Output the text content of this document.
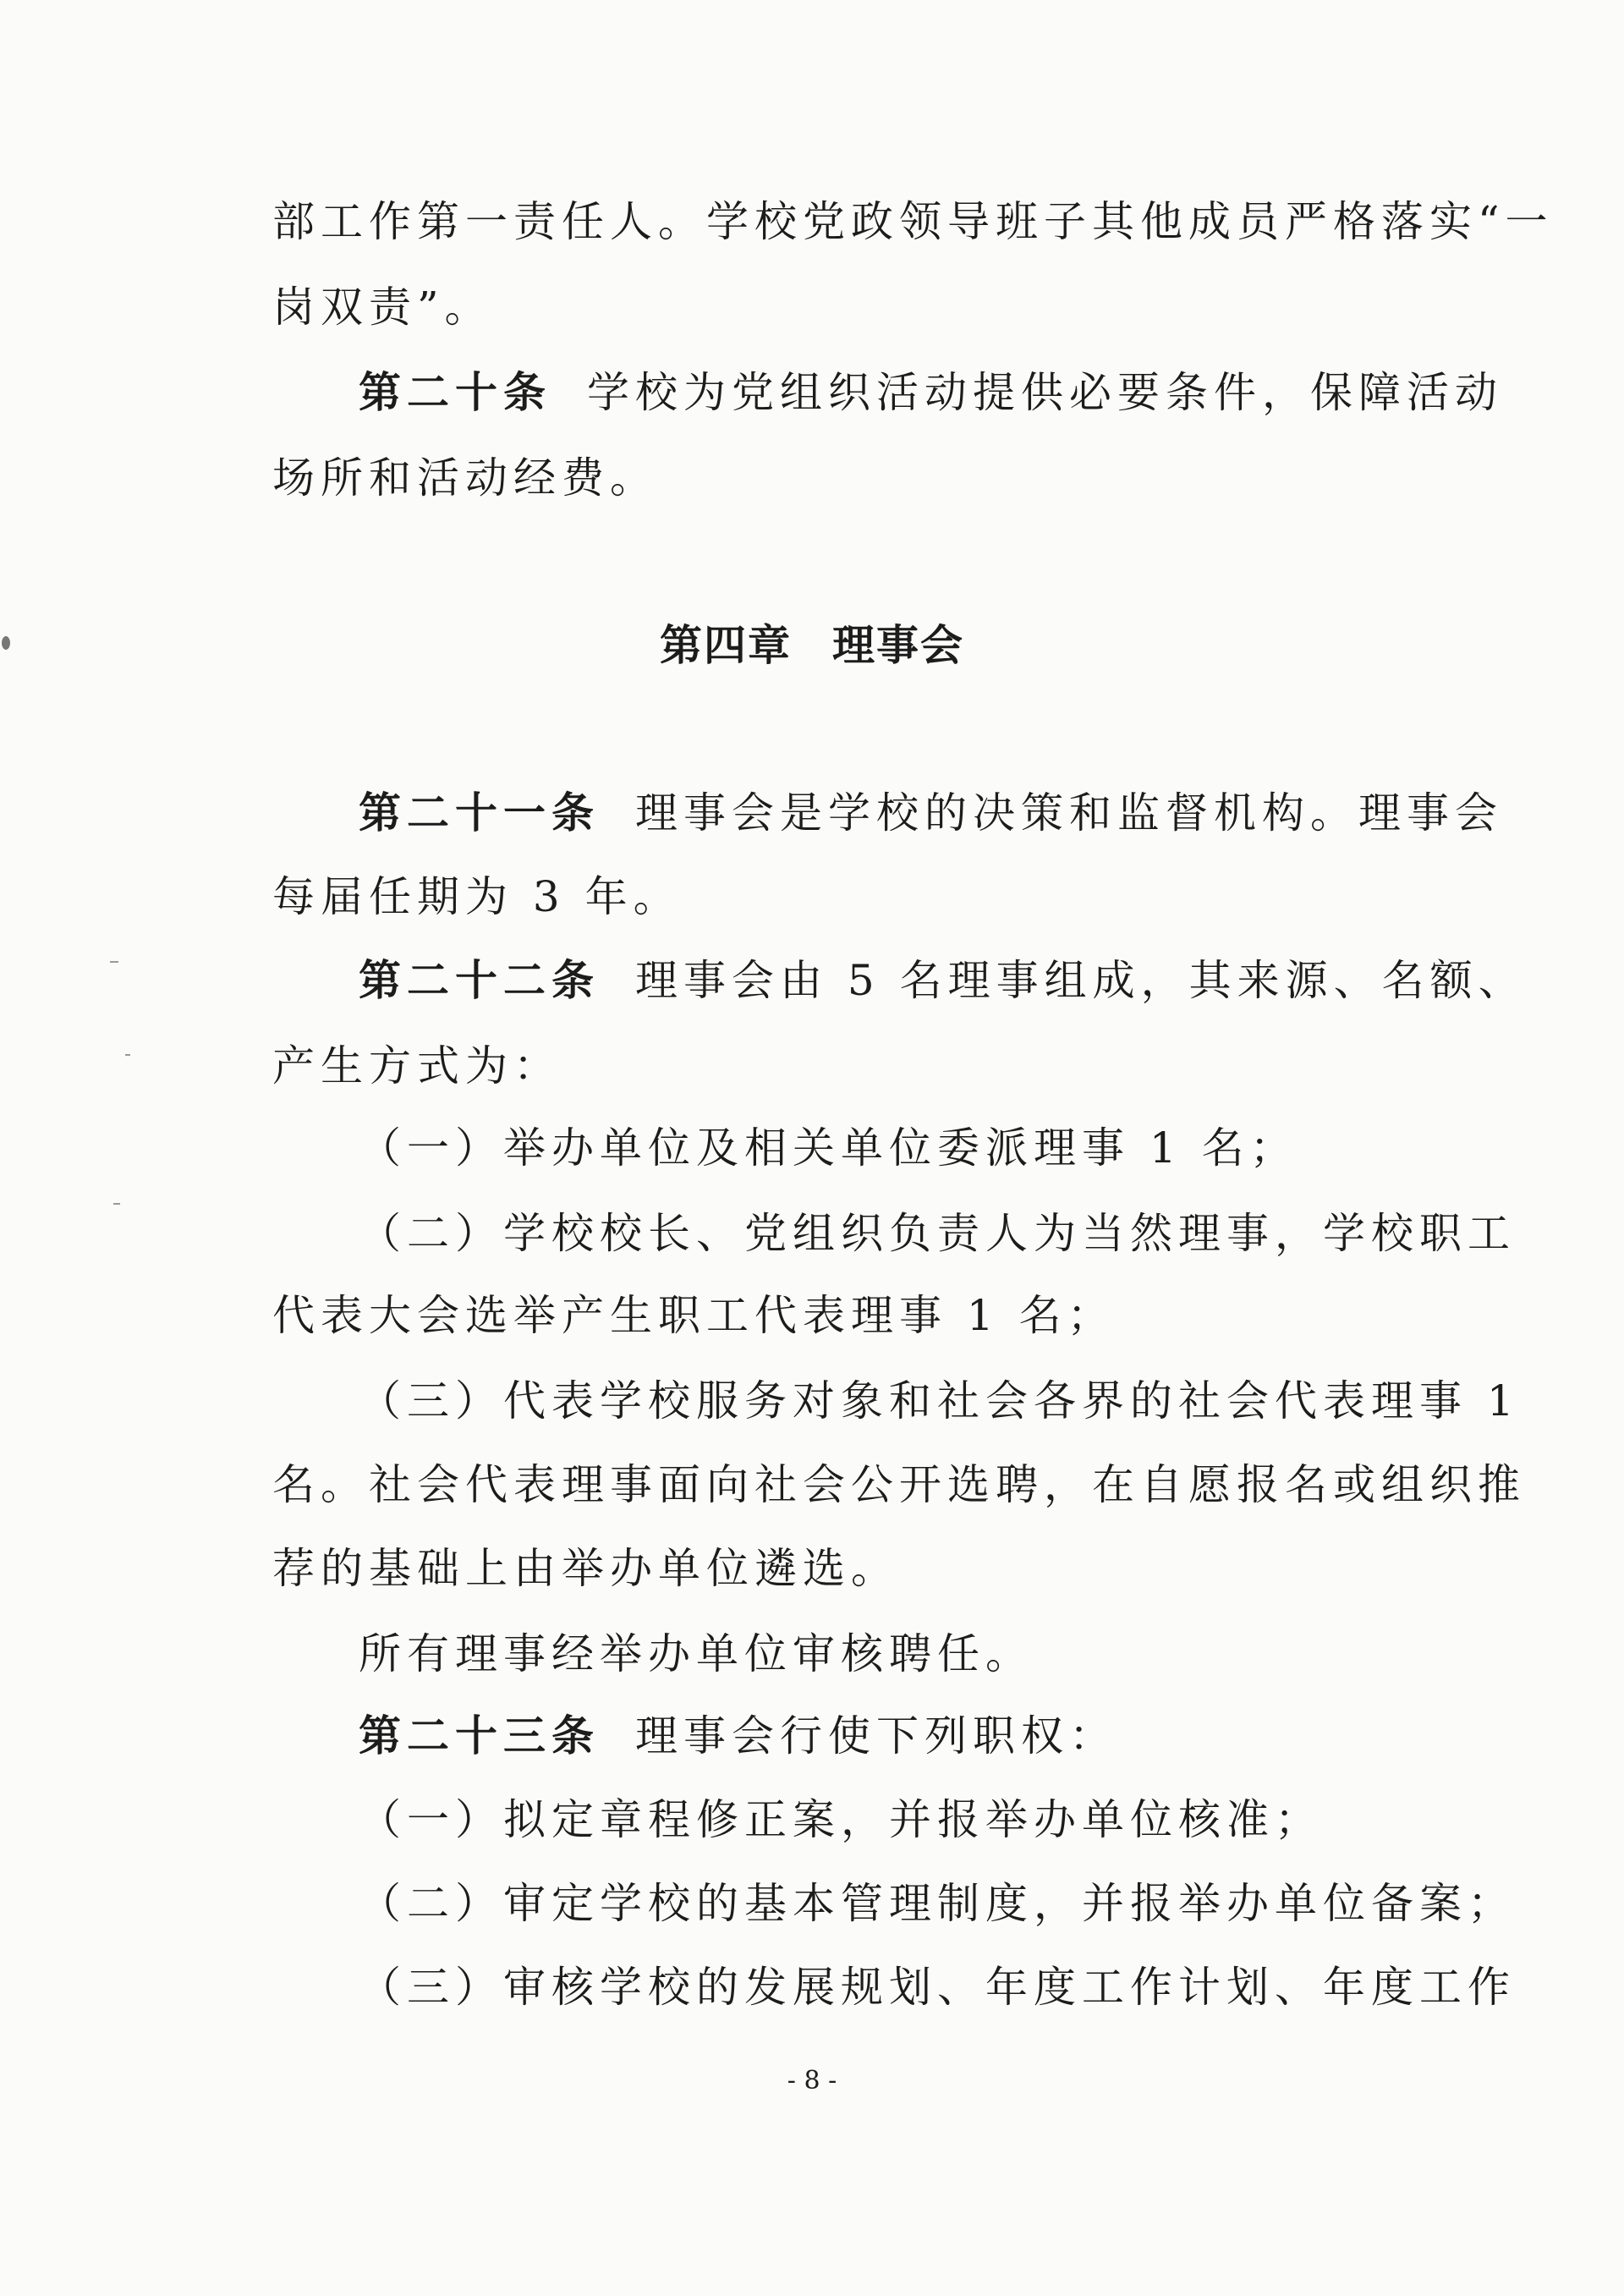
部工作第一责任人。学校党政领导班子其他成员严格落实“一
岗双责”。
第二十条 学校为党组织活动提供必要条件，保障活动
场所和活动经费。
第四章 理事会
第二十一条 理事会是学校的决策和监督机构。理事会
每届任期为 3 年。
第二十二条 理事会由 5 名理事组成，其来源、名额、
产生方式为：
（一）举办单位及相关单位委派理事 1 名；
（二）学校校长、党组织负责人为当然理事，学校职工
代表大会选举产生职工代表理事 1 名；
（三）代表学校服务对象和社会各界的社会代表理事 1
名。社会代表理事面向社会公开选聘，在自愿报名或组织推
荐的基础上由举办单位遴选。
所有理事经举办单位审核聘任。
第二十三条 理事会行使下列职权：
（一）拟定章程修正案，并报举办单位核准；
（二）审定学校的基本管理制度，并报举办单位备案；
（三）审核学校的发展规划、年度工作计划、年度工作
- 8 -
